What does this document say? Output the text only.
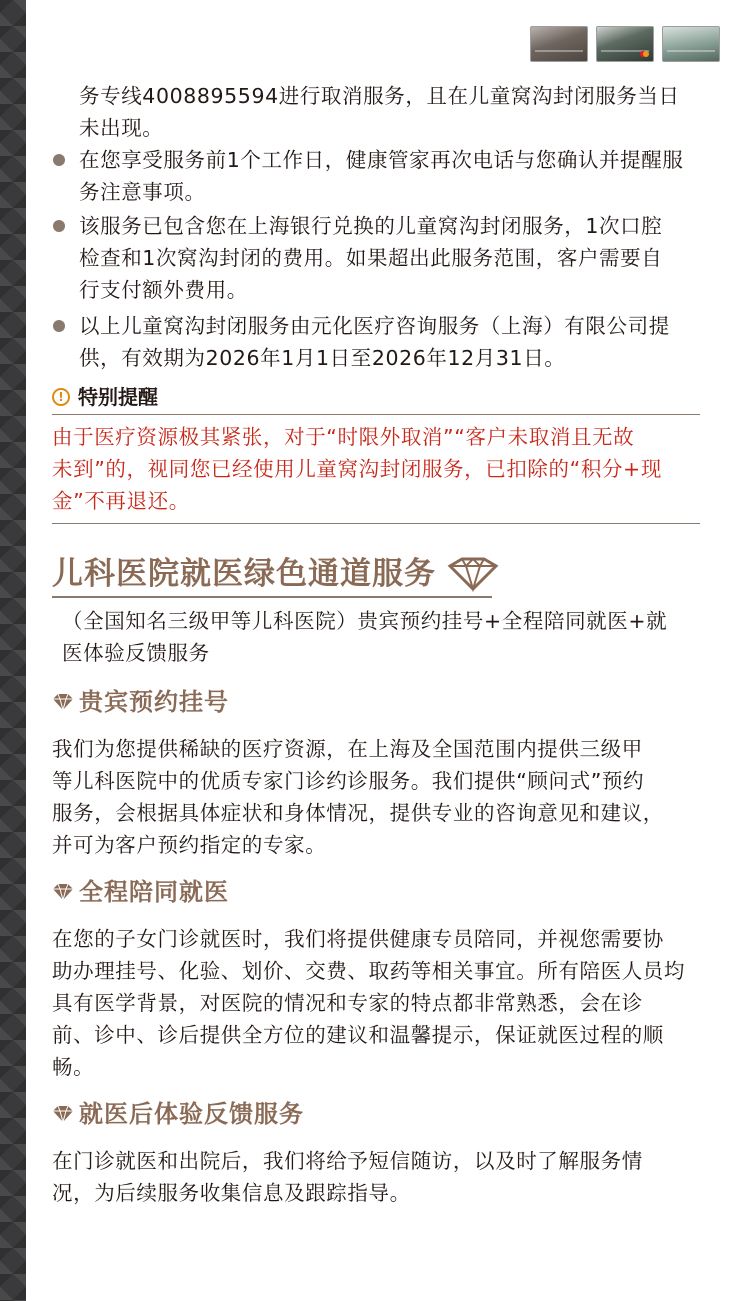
务专线4008895594进行取消服务，且在儿童窝沟封闭服务当日

未出现。

在您享受服务前1个工作日，健康管家再次电话与您确认并提醒服

务注意事项。

该服务已包含您在上海银行兑换的儿童窝沟封闭服务，1次口腔

检查和1次窝沟封闭的费用。如果超出此服务范围，客户需要自

行支付额外费用。

以上儿童窝沟封闭服务由元化医疗咨询服务（上海）有限公司提

供，有效期为2026年1月1日至2026年12月31日。

! 特别提醒

由于医疗资源极其紧张，对于“时限外取消”“客户未取消且无故

未到”的，视同您已经使用儿童窝沟封闭服务，已扣除的“积分+现

金”不再退还。

儿科医院就医绿色通道服务

（全国知名三级甲等儿科医院）贵宾预约挂号+全程陪同就医+就

医体验反馈服务

贵宾预约挂号

我们为您提供稀缺的医疗资源，在上海及全国范围内提供三级甲

等儿科医院中的优质专家门诊约诊服务。我们提供“顾问式”预约

服务，会根据具体症状和身体情况，提供专业的咨询意见和建议，

并可为客户预约指定的专家。

全程陪同就医

在您的子女门诊就医时，我们将提供健康专员陪同，并视您需要协

助办理挂号、化验、划价、交费、取药等相关事宜。所有陪医人员均

具有医学背景，对医院的情况和专家的特点都非常熟悉，会在诊

前、诊中、诊后提供全方位的建议和温馨提示，保证就医过程的顺

畅。

就医后体验反馈服务

在门诊就医和出院后，我们将给予短信随访，以及时了解服务情

况，为后续服务收集信息及跟踪指导。
